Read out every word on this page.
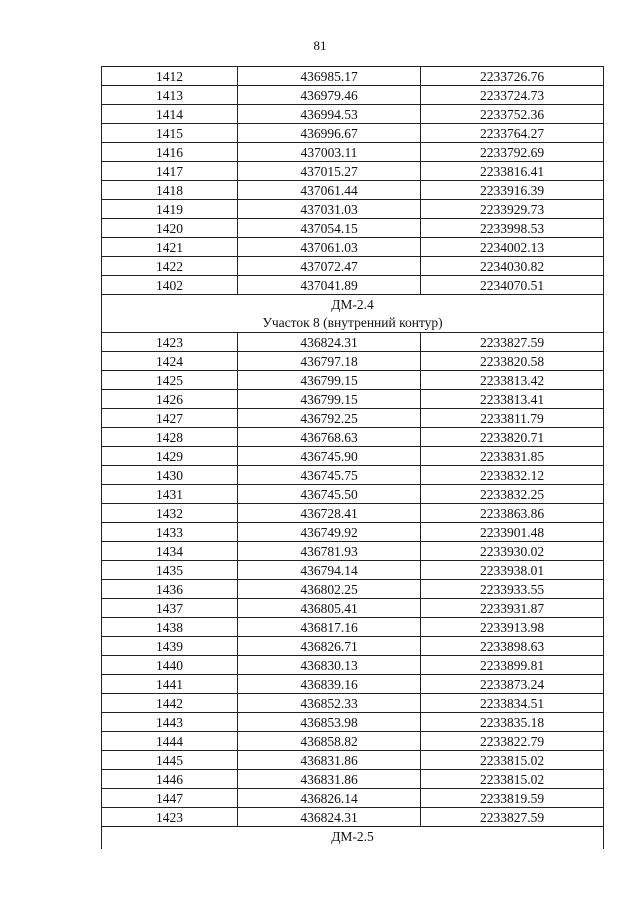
81
1412	436985.17	2233726.76
1413	436979.46	2233724.73
1414	436994.53	2233752.36
1415	436996.67	2233764.27
1416	437003.11	2233792.69
1417	437015.27	2233816.41
1418	437061.44	2233916.39
1419	437031.03	2233929.73
1420	437054.15	2233998.53
1421	437061.03	2234002.13
1422	437072.47	2234030.82
1402	437041.89	2234070.51

ДМ-2.4
Участок 8 (внутренний контур)		

1423	436824.31	2233827.59
1424	436797.18	2233820.58
1425	436799.15	2233813.42
1426	436799.15	2233813.41
1427	436792.25	2233811.79
1428	436768.63	2233820.71
1429	436745.90	2233831.85
1430	436745.75	2233832.12
1431	436745.50	2233832.25
1432	436728.41	2233863.86
1433	436749.92	2233901.48
1434	436781.93	2233930.02
1435	436794.14	2233938.01
1436	436802.25	2233933.55
1437	436805.41	2233931.87
1438	436817.16	2233913.98
1439	436826.71	2233898.63
1440	436830.13	2233899.81
1441	436839.16	2233873.24
1442	436852.33	2233834.51
1443	436853.98	2233835.18
1444	436858.82	2233822.79
1445	436831.86	2233815.02
1446	436831.86	2233815.02
1447	436826.14	2233819.59
1423	436824.31	2233827.59

ДМ-2.5		
